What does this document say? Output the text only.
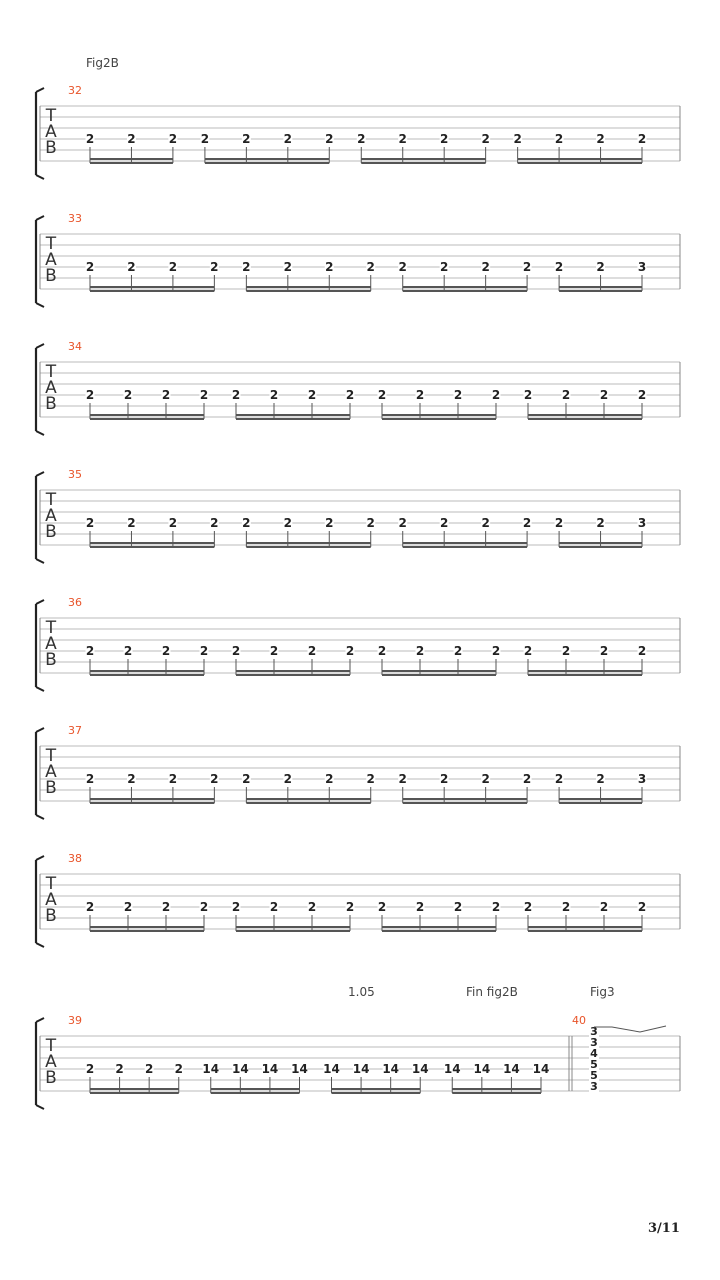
Fig2B
1.05	Fin fig2B	Fig3
3/11
T
A
B
32
2	2	2 2	2	2	2 2	2	2	2 2	2	2	2
T
A
B
33
2	2	2	2 2	2	2	2 2	2	2	2 2	2	3
T
A
B
34
2 2 2 2 2 2 2 2 2 2 2 2 2 2 2 2
T
A
B
35
2	2	2	2 2	2	2	2 2	2	2	2 2	2	3
T
A
B
36
2 2 2 2 2 2 2 2 2 2 2 2 2 2 2 2
T
A
B
37
2	2	2	2 2	2	2	2 2	2	2	2 2	2	3
T
A
B
38
2 2 2 2 2 2 2 2 2 2 2 2 2 2 2 2
T
A
B
39
2 2 2 2 14 14 14 14 14 14 14 14 14 14 14 14
40
3
3
4
5
5
3
